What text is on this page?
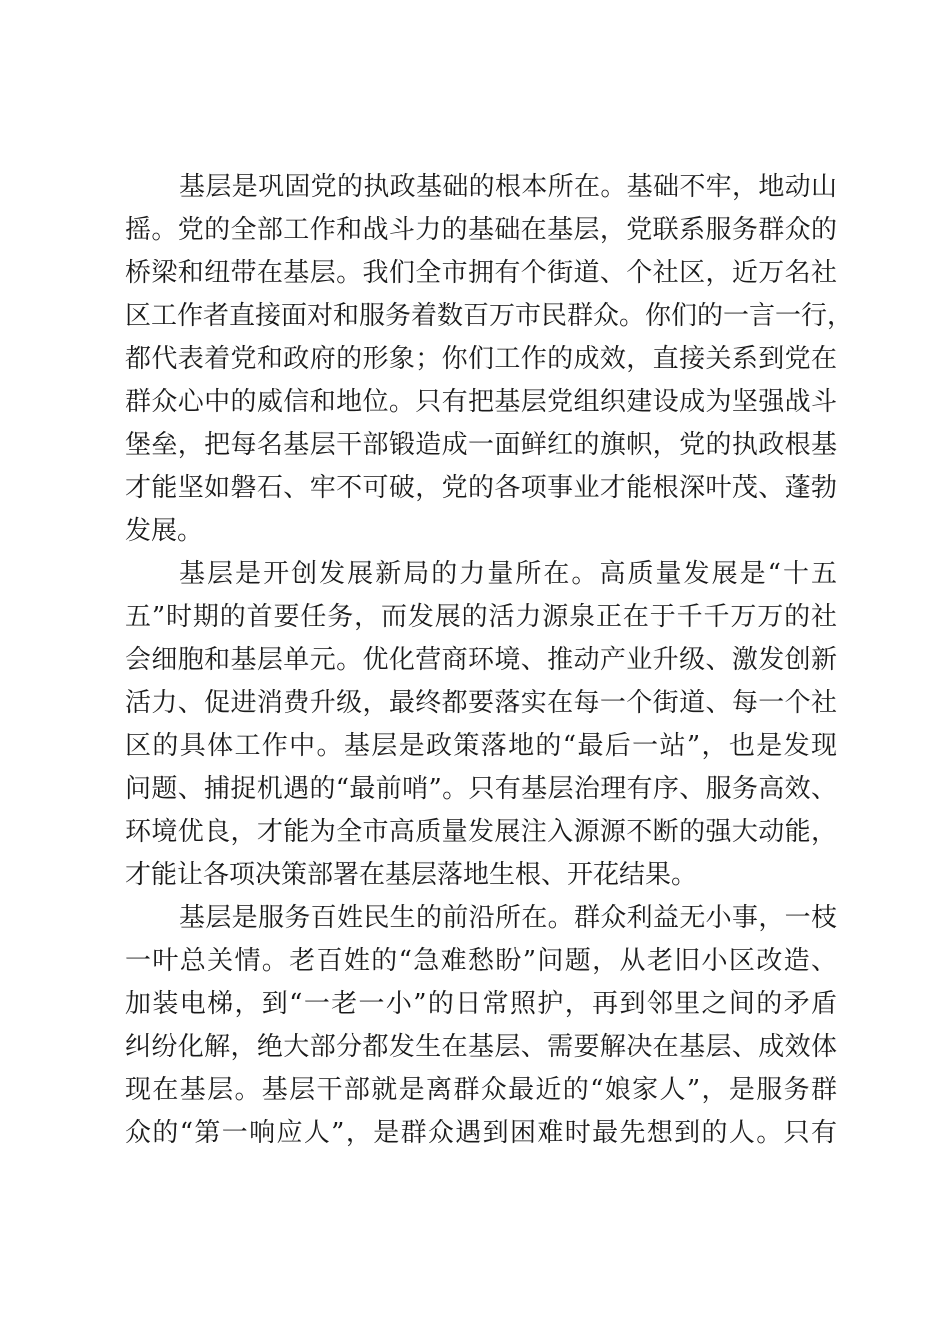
基层是巩固党的执政基础的根本所在。基础不牢，地动山
摇。党的全部工作和战斗力的基础在基层，党联系服务群众的
桥梁和纽带在基层。我们全市拥有个街道、个社区，近万名社
区工作者直接面对和服务着数百万市民群众。你们的一言一行，
都代表着党和政府的形象；你们工作的成效，直接关系到党在
群众心中的威信和地位。只有把基层党组织建设成为坚强战斗
堡垒，把每名基层干部锻造成一面鲜红的旗帜，党的执政根基
才能坚如磐石、牢不可破，党的各项事业才能根深叶茂、蓬勃
发展。
基层是开创发展新局的力量所在。高质量发展是“十五
五”时期的首要任务，而发展的活力源泉正在于千千万万的社
会细胞和基层单元。优化营商环境、推动产业升级、激发创新
活力、促进消费升级，最终都要落实在每一个街道、每一个社
区的具体工作中。基层是政策落地的“最后一站”，也是发现
问题、捕捉机遇的“最前哨”。只有基层治理有序、服务高效、
环境优良，才能为全市高质量发展注入源源不断的强大动能，
才能让各项决策部署在基层落地生根、开花结果。
基层是服务百姓民生的前沿所在。群众利益无小事，一枝
一叶总关情。老百姓的“急难愁盼”问题，从老旧小区改造、
加装电梯，到“一老一小”的日常照护，再到邻里之间的矛盾
纠纷化解，绝大部分都发生在基层、需要解决在基层、成效体
现在基层。基层干部就是离群众最近的“娘家人”，是服务群
众的“第一响应人”，是群众遇到困难时最先想到的人。只有
